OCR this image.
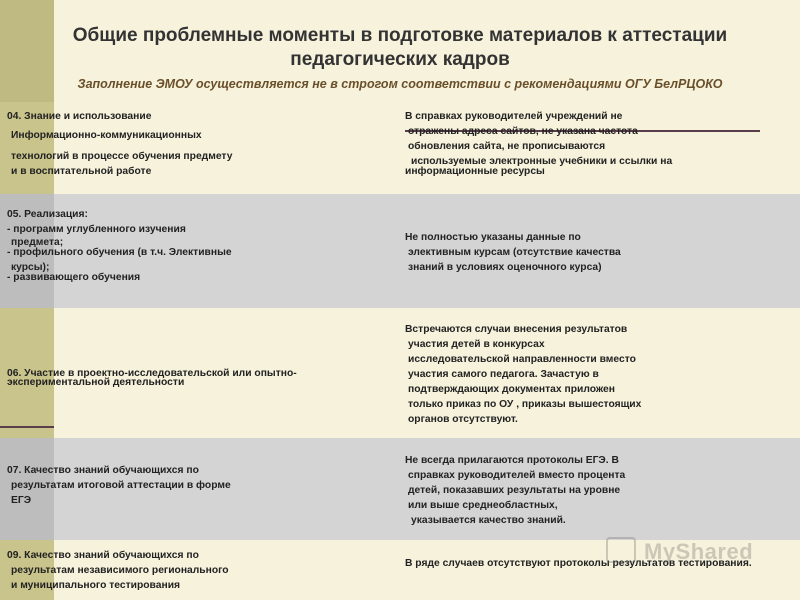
Общие проблемные моменты в подготовке материалов к аттестации
педагогических кадров
Заполнение ЭМОУ осуществляется не в строгом соответствии с рекомендациями ОГУ БелРЦОКО

04. Знание и использование

Информационно-коммуникационных

технологий в процессе обучения предмету

и в воспитательной работе

В справках руководителей учреждений не

отражены адреса сайтов, не указана частота

обновления сайта, не прописываются

используемые электронные учебники и ссылки на

информационные ресурсы

05. Реализация:

- программ углубленного изучения

предмета;

- профильного обучения (в т.ч. Элективные

курсы);

- развивающего обучения

Не полностью указаны данные по

элективным курсам (отсутствие качества

знаний в условиях оценочного курса)

06. Участие в проектно-исследовательской или опытно-

экспериментальной деятельности

Встречаются случаи внесения результатов

участия детей в конкурсах

исследовательской направленности вместо

участия самого педагога. Зачастую в

подтверждающих документах приложен

только приказ по ОУ , приказы вышестоящих

органов отсутствуют.

07. Качество знаний обучающихся по

результатам итоговой аттестации в форме

ЕГЭ

Не всегда прилагаются протоколы ЕГЭ. В

справках руководителей вместо процента

детей, показавших результаты на уровне

или выше среднеобластных,

указывается качество знаний.

09. Качество знаний обучающихся по

результатам независимого регионального

и муниципального тестирования

В ряде случаев отсутствуют протоколы результатов тестирования.

MyShared
